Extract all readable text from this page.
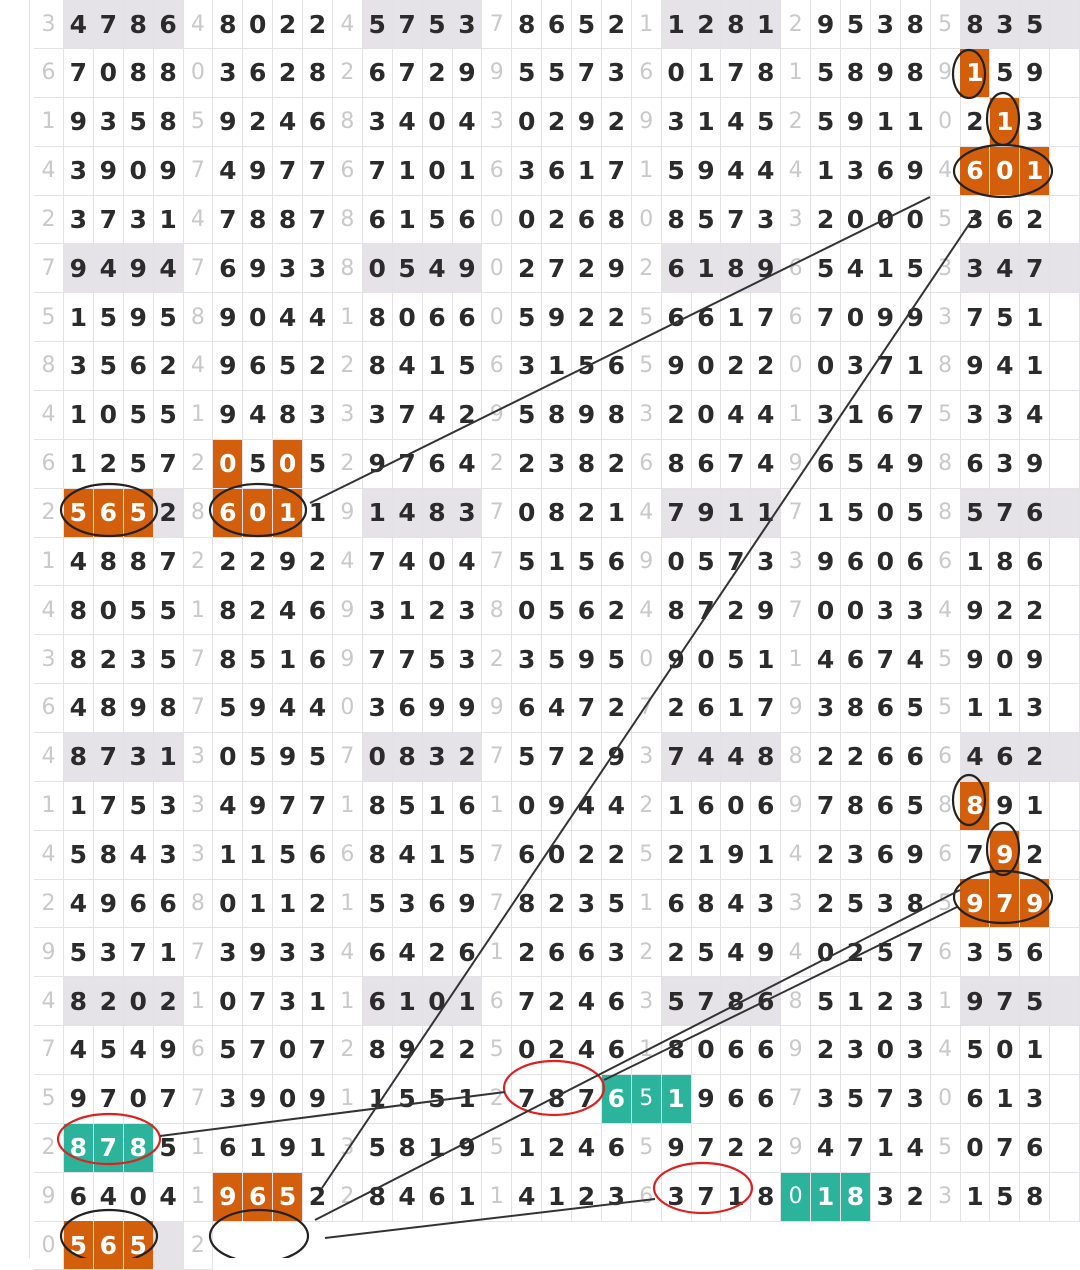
3 4 7 8 6 4 8 0 2 2 4 5 7 5 3 7 8 6 5 2 1 1 2 8 1 2 9 5 3 8 5 8 3 5
6 7 0 8 8 0 3 6 2 8 2 6 7 2 9 9 5 5 7 3 6 0 1 7 8 1 5 8 9 8 9 1 5 9
1 9 3 5 8 5 9 2 4 6 8 3 4 0 4 3 0 2 9 2 9 3 1 4 5 2 5 9 1 1 0 2 1 3
4 3 9 0 9 7 4 9 7 7 6 7 1 0 1 6 3 6 1 7 1 5 9 4 4 4 1 3 6 9 4 6 0 1
2 3 7 3 1 4 7 8 8 7 8 6 1 5 6 0 0 2 6 8 0 8 5 7 3 3 2 0 0 0 5 3 6 2
7 9 4 9 4 7 6 9 3 3 8 0 5 4 9 0 2 7 2 9 2 6 1 8 9 6 5 4 1 5 3 3 4 7
5 1 5 9 5 8 9 0 4 4 1 8 0 6 6 0 5 9 2 2 5 6 6 1 7 6 7 0 9 9 3 7 5 1
8 3 5 6 2 4 9 6 5 2 2 8 4 1 5 6 3 1 5 6 5 9 0 2 2 0 0 3 7 1 8 9 4 1
4 1 0 5 5 1 9 4 8 3 3 3 7 4 2 9 5 8 9 8 3 2 0 4 4 1 3 1 6 7 5 3 3 4
6 1 2 5 7 2 0 5 0 5 2 9 7 6 4 2 2 3 8 2 6 8 6 7 4 9 6 5 4 9 8 6 3 9
2 5 6 5 2 8 6 0 1 1 9 1 4 8 3 7 0 8 2 1 4 7 9 1 1 7 1 5 0 5 8 5 7 6
1 4 8 8 7 2 2 2 9 2 4 7 4 0 4 7 5 1 5 6 9 0 5 7 3 3 9 6 0 6 6 1 8 6
4 8 0 5 5 1 8 2 4 6 9 3 1 2 3 8 0 5 6 2 4 8 7 2 9 7 0 0 3 3 4 9 2 2
3 8 2 3 5 7 8 5 1 6 9 7 7 5 3 2 3 5 9 5 0 9 0 5 1 1 4 6 7 4 5 9 0 9
6 4 8 9 8 7 5 9 4 4 0 3 6 9 9 9 6 4 7 2 7 2 6 1 7 9 3 8 6 5 5 1 1 3
4 8 7 3 1 3 0 5 9 5 7 0 8 3 2 7 5 7 2 9 3 7 4 4 8 8 2 2 6 6 6 4 6 2
1 1 7 5 3 3 4 9 7 7 1 8 5 1 6 1 0 9 4 4 2 1 6 0 6 9 7 8 6 5 8 8 9 1
4 5 8 4 3 3 1 1 5 6 6 8 4 1 5 7 6 0 2 2 5 2 1 9 1 4 2 3 6 9 6 7 9 2
2 4 9 6 6 8 0 1 1 2 1 5 3 6 9 7 8 2 3 5 1 6 8 4 3 3 2 5 3 8 5 9 7 9
9 5 3 7 1 7 3 9 3 3 4 6 4 2 6 1 2 6 6 3 2 2 5 4 9 4 0 2 5 7 6 3 5 6
4 8 2 0 2 1 0 7 3 1 1 6 1 0 1 6 7 2 4 6 3 5 7 8 6 8 5 1 2 3 1 9 7 5
7 4 5 4 9 6 5 7 0 7 2 8 9 2 2 5 0 2 4 6 1 8 0 6 6 9 2 3 0 3 4 5 0 1
5 9 7 0 7 7 3 9 0 9 1 1 5 5 1 2 7 8 7 6 5 1 9 6 6 7 3 5 7 3 0 6 1 3
2 8 7 8 5 1 6 1 9 1 3 5 8 1 9 5 1 2 4 6 5 9 7 2 2 9 4 7 1 4 5 0 7 6
9 6 4 0 4 1 9 6 5 2 2 8 4 6 1 1 4 1 2 3 6 3 7 1 8 0 1 8 3 2 3 1 5 8
0 5 6 5	2
